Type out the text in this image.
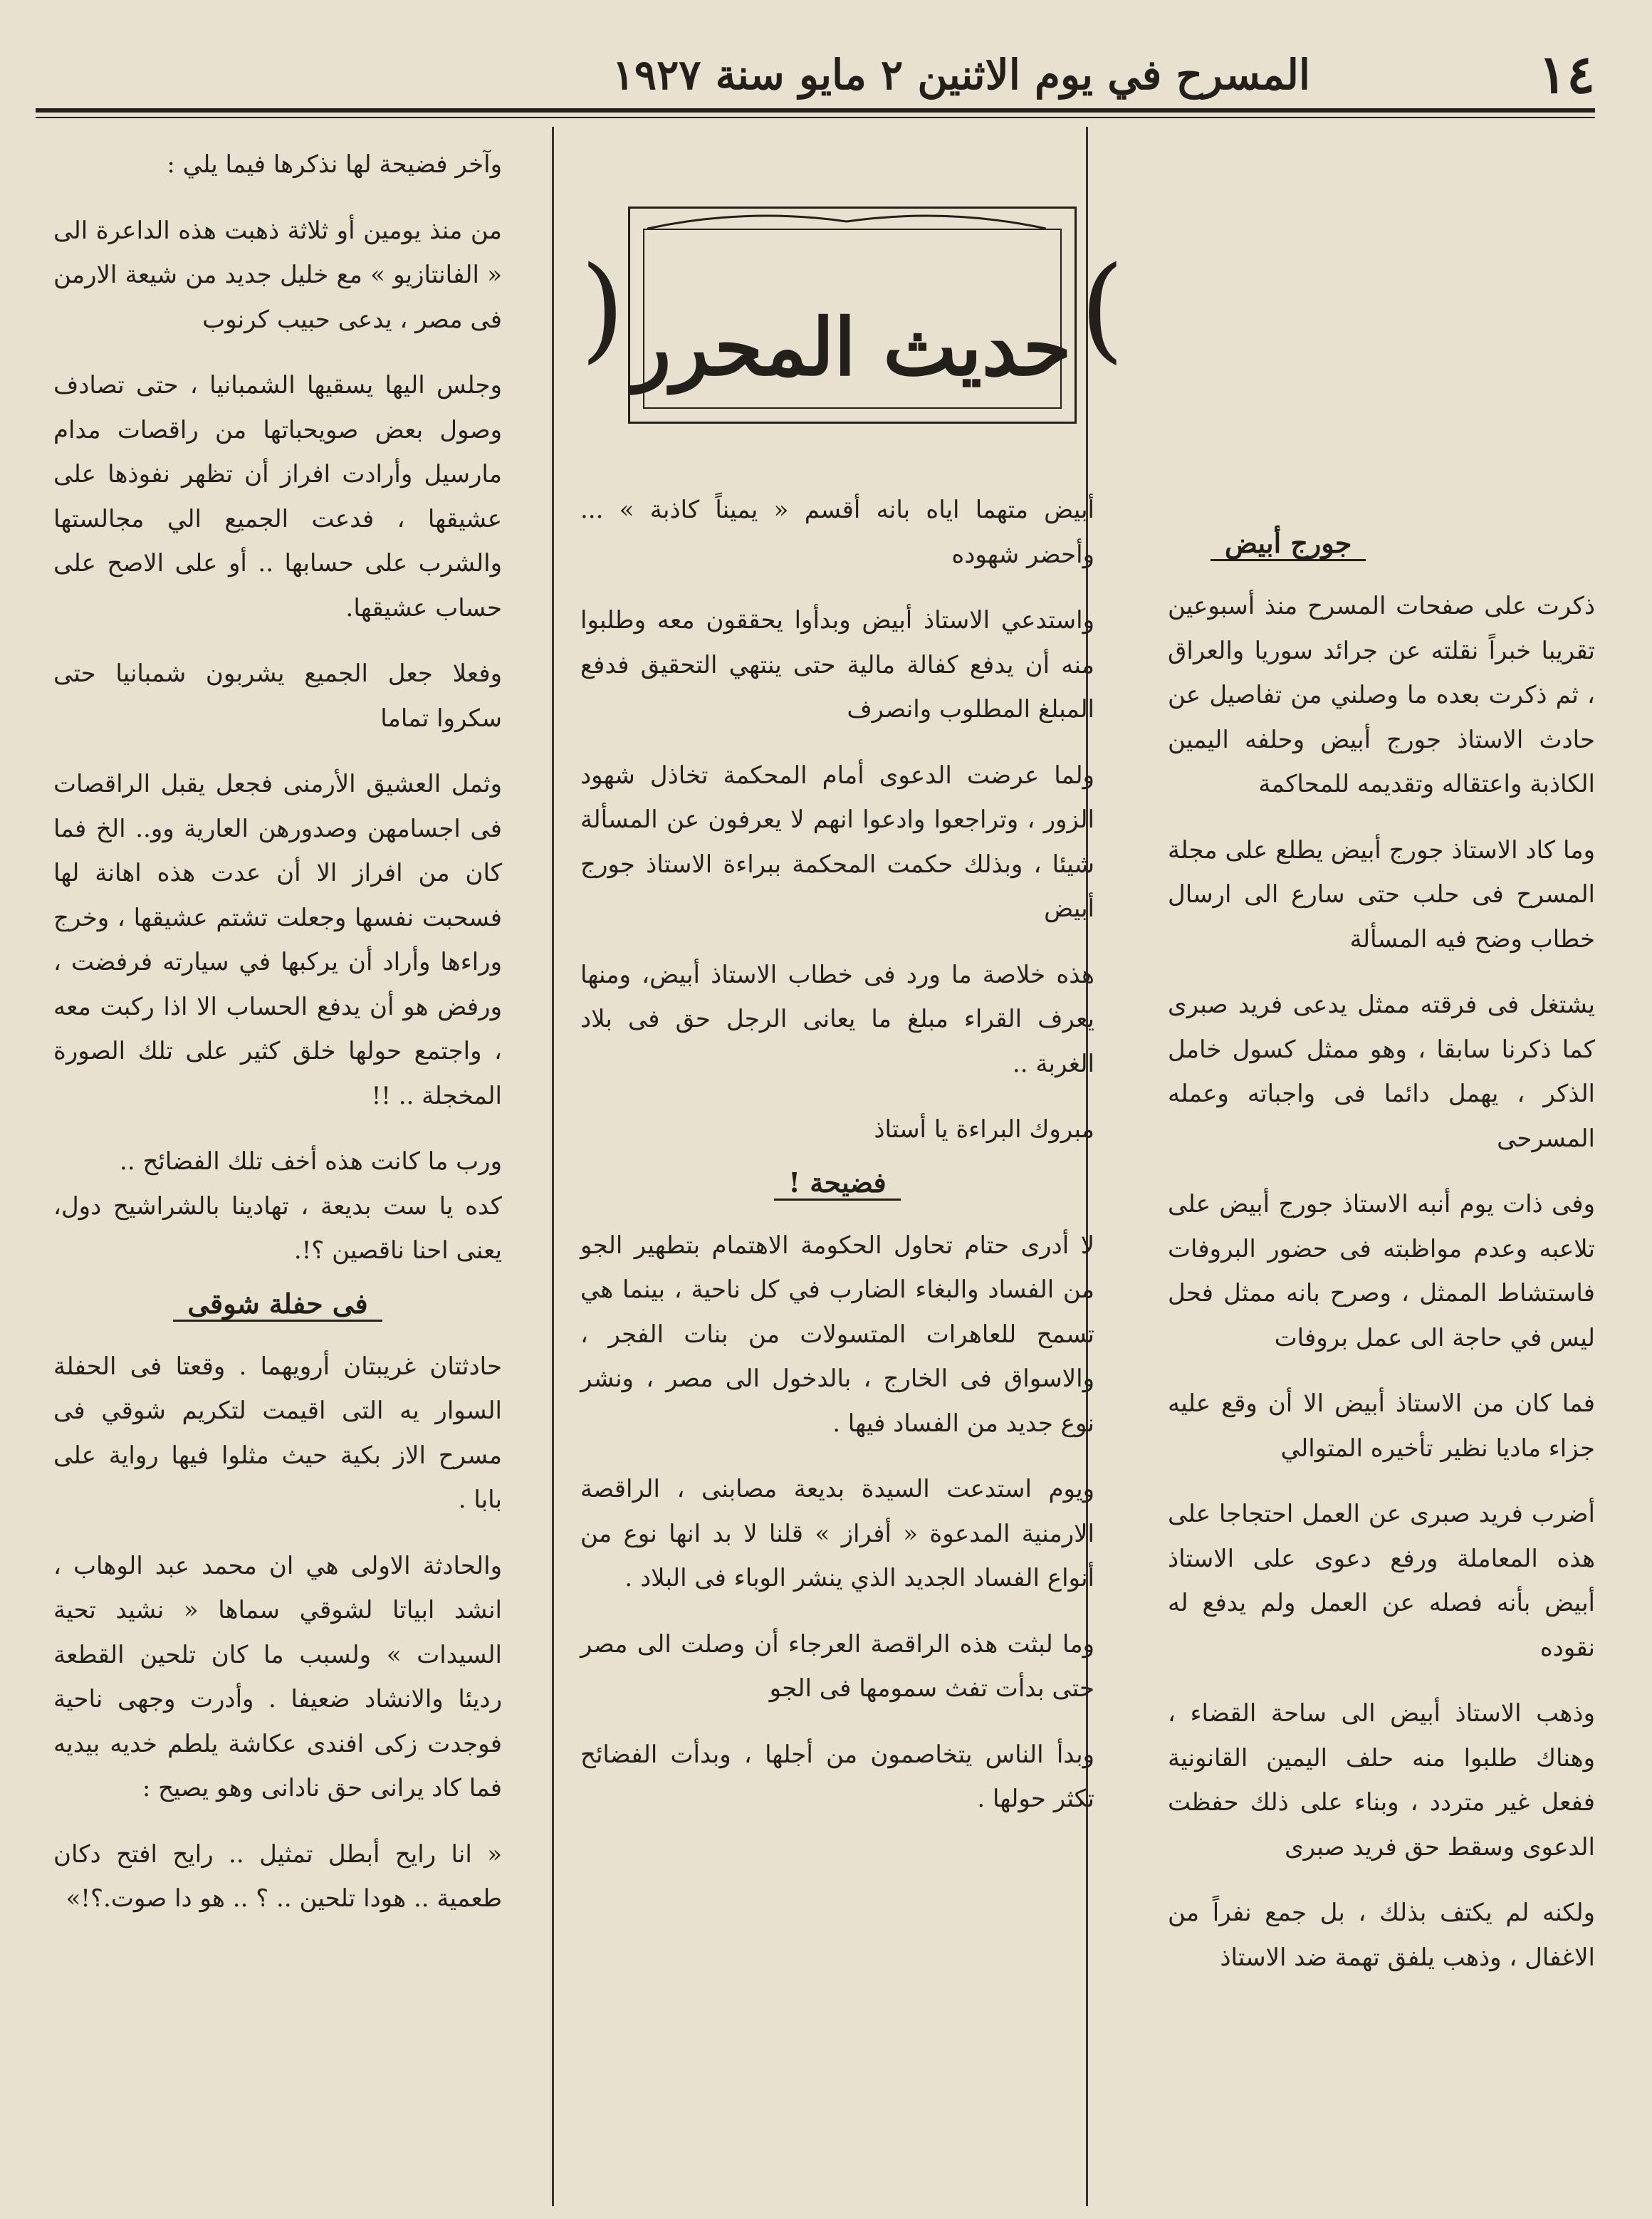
١٤
المسرح في يوم الاثنين ٢ مايو سنة ١٩٢٧
جورج أبيض

ذكرت على صفحات المسرح منذ أسبوعين تقريبا خبراً نقلته عن جرائد سوريا والعراق ، ثم ذكرت بعده ما وصلني من تفاصيل عن حادث الاستاذ جورج أبيض وحلفه اليمين الكاذبة واعتقاله وتقديمه للمحاكمة

وما كاد الاستاذ جورج أبيض يطلع على مجلة المسرح فى حلب حتى سارع الى ارسال خطاب وضح فيه المسألة

يشتغل فى فرقته ممثل يدعى فريد صبرى كما ذكرنا سابقا ، وهو ممثل كسول خامل الذكر ، يهمل دائما فى واجباته وعمله المسرحى

وفى ذات يوم أنبه الاستاذ جورج أبيض على تلاعبه وعدم مواظبته فى حضور البروفات فاستشاط الممثل ، وصرح بانه ممثل فحل ليس في حاجة الى عمل بروفات

فما كان من الاستاذ أبيض الا أن وقع عليه جزاء ماديا نظير تأخيره المتوالي

أضرب فريد صبرى عن العمل احتجاجا على هذه المعاملة ورفع دعوى على الاستاذ أبيض بأنه فصله عن العمل ولم يدفع له نقوده

وذهب الاستاذ أبيض الى ساحة القضاء ، وهناك طلبوا منه حلف اليمين القانونية ففعل غير متردد ، وبناء على ذلك حفظت الدعوى وسقط حق فريد صبرى

ولكنه لم يكتف بذلك ، بل جمع نفراً من الاغفال ، وذهب يلفق تهمة ضد الاستاذ

(	)
حديث المحرر

أبيض متهما اياه بانه أقسم « يميناً كاذبة » ... وأحضر شهوده

واستدعي الاستاذ أبيض وبدأوا يحققون معه وطلبوا منه أن يدفع كفالة مالية حتى ينتهي التحقيق فدفع المبلغ المطلوب وانصرف

ولما عرضت الدعوى أمام المحكمة تخاذل شهود الزور ، وتراجعوا وادعوا انهم لا يعرفون عن المسألة شيئا ، وبذلك حكمت المحكمة ببراءة الاستاذ جورج أبيض

هذه خلاصة ما ورد فى خطاب الاستاذ أبيض، ومنها يعرف القراء مبلغ ما يعانى الرجل حق فى بلاد الغربة ..

مبروك البراءة يا أستاذ

فضيحة !

لا أدرى حتام تحاول الحكومة الاهتمام بتطهير الجو من الفساد والبغاء الضارب في كل ناحية ، بينما هي تسمح للعاهرات المتسولات من بنات الفجر ، والاسواق فى الخارج ، بالدخول الى مصر ، ونشر نوع جديد من الفساد فيها .

ويوم استدعت السيدة بديعة مصابنى ، الراقصة الارمنية المدعوة « أفراز » قلنا لا بد انها نوع من أنواع الفساد الجديد الذي ينشر الوباء فى البلاد .

وما لبثت هذه الراقصة العرجاء أن وصلت الى مصر حتى بدأت تفث سمومها فى الجو

وبدأ الناس يتخاصمون من أجلها ، وبدأت الفضائح تكثر حولها .

وآخر فضيحة لها نذكرها فيما يلي :

من منذ يومين أو ثلاثة ذهبت هذه الداعرة الى « الفانتازيو » مع خليل جديد من شيعة الارمن فى مصر ، يدعى حبيب كرنوب

وجلس اليها يسقيها الشمبانيا ، حتى تصادف وصول بعض صويحباتها من راقصات مدام مارسيل وأرادت افراز أن تظهر نفوذها على عشيقها ، فدعت الجميع الي مجالستها والشرب على حسابها .. أو على الاصح على حساب عشيقها.

وفعلا جعل الجميع يشربون شمبانيا حتى سكروا تماما

وثمل العشيق الأرمنى فجعل يقبل الراقصات فى اجسامهن وصدورهن العارية وو.. الخ فما كان من افراز الا أن عدت هذه اهانة لها فسحبت نفسها وجعلت تشتم عشيقها ، وخرج وراءها وأراد أن يركبها في سيارته فرفضت ، ورفض هو أن يدفع الحساب الا اذا ركبت معه ، واجتمع حولها خلق كثير على تلك الصورة المخجلة .. !!

ورب ما كانت هذه أخف تلك الفضائح ..

كده يا ست بديعة ، تهادينا بالشراشيح دول، يعنى احنا ناقصين ؟!.

فى حفلة شوقى

حادثتان غريبتان أرويهما . وقعتا فى الحفلة السوار يه التى اقيمت لتكريم شوقي فى مسرح الاز بكية حيث مثلوا فيها رواية على بابا .

والحادثة الاولى هي ان محمد عبد الوهاب ، انشد ابياتا لشوقي سماها « نشيد تحية السيدات » ولسبب ما كان تلحين القطعة رديئا والانشاد ضعيفا . وأدرت وجهى ناحية فوجدت زكى افندى عكاشة يلطم خديه بيديه فما كاد يرانى حق نادانى وهو يصيح :

« انا رايح أبطل تمثيل .. رايح افتح دكان طعمية .. هودا تلحين .. ؟ .. هو دا صوت.؟!»
